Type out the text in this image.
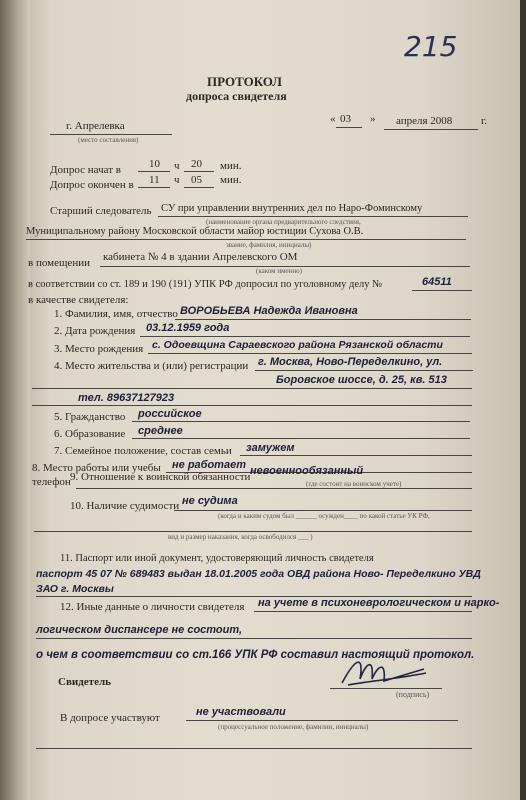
215
ПРОТОКОЛ
допроса свидетеля
г. Апрелевка
(место составления)
« 03 » апреля 2008	г.
Допрос начат в	10 ч 20 мин.
Допрос окончен в 11 ч 05 мин.
Старший следователь СУ при управлении внутренних дел по Наро-Фоминскому
(наименование органа предварительного следствия,
Муниципальному району Московской области майор юстиции Сухова О.В.
звание, фамилия, инициалы)
в помещении кабинета № 4 в здании Апрелевского ОМ
(каком именно)
в соответствии со ст. 189 и 190 (191) УПК РФ допросил по уголовному делу №	64511
в качестве свидетеля:
1. Фамилия, имя, отчество ВОРОБЬЕВА Надежда Ивановна
2. Дата рождения 03.12.1959 года
3. Место рождения с. Одоевщина Сараевского района Рязанской области
4. Место жительства и (или) регистрации г. Москва, Ново-Переделкино, ул.
Боровское шоссе, д. 25, кв. 513
тел. 89637127923
5. Гражданство российское
6. Образование среднее
7. Семейное положение, состав семьи замужем
8. Место работы или учебы не работает
телефон 9. Отношение к воинской обязанности невоеннообязанный
(где состоит на воинском учете)
10. Наличие судимости не судима
(когда и каким судом был ______ осужден____ по какой статье УК РФ,
вид и размер наказания, когда освободился ___ )
11. Паспорт или иной документ, удостоверяющий личность свидетеля
паспорт 45 07 № 689483 выдан 18.01.2005 года ОВД района Ново- Переделкино УВД
ЗАО г. Москвы
12. Иные данные о личности свидетеля на учете в психоневрологическом и нарко-
логическом диспансере не состоит,
о чем в соответствии со ст.166 УПК РФ составил настоящий протокол.
Свидетель
(подпись)
В допросе участвуют	не участвовали
(процессуальное положение, фамилии, инициалы)
